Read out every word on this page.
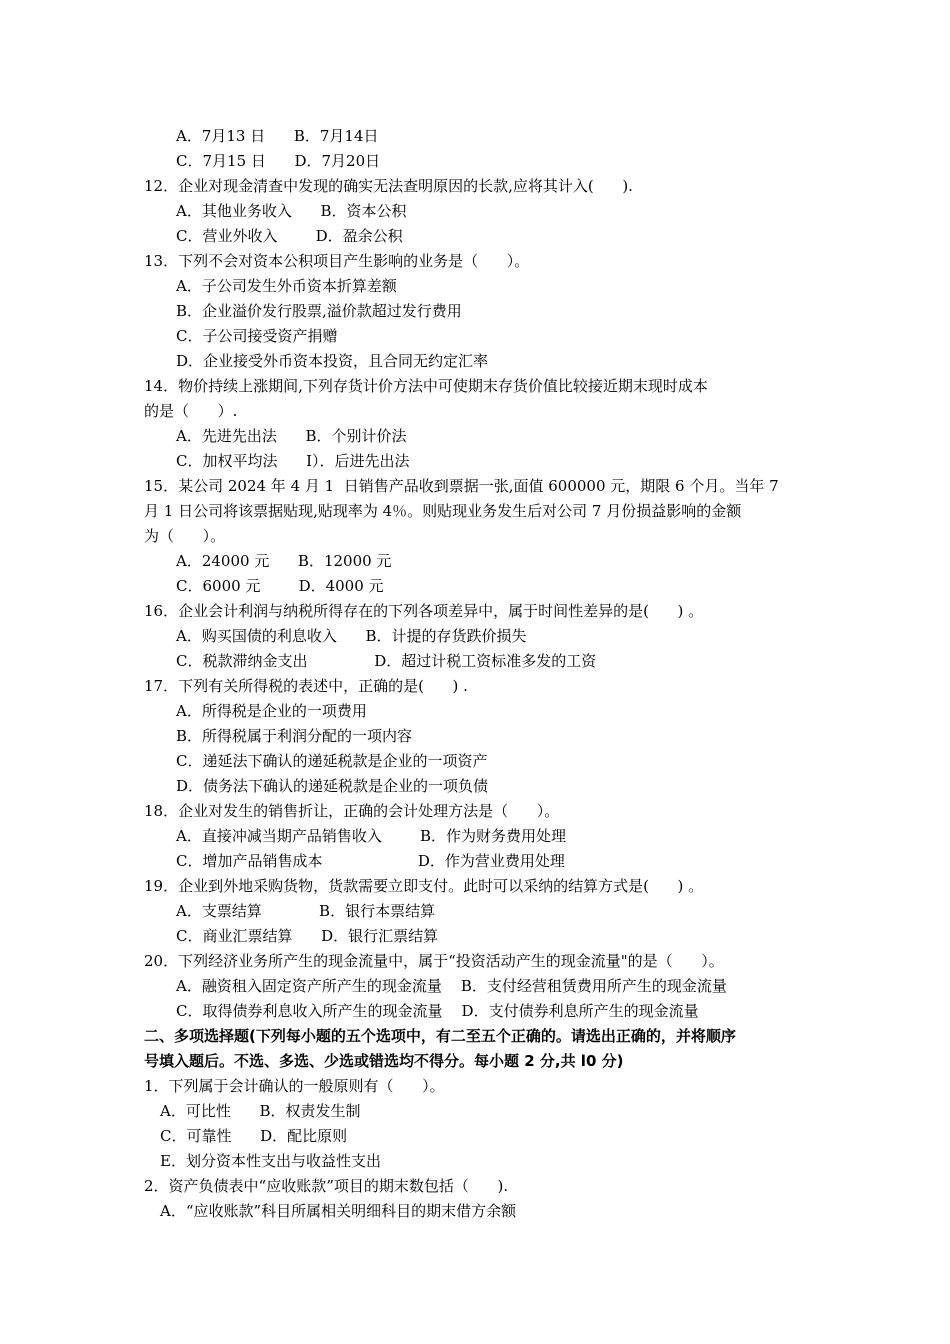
A．7月13 日      B．7月14日
C．7月15 日      D．7月20日
12．企业对现金清查中发现的确实无法查明原因的长款,应将其计入(      ).
A．其他业务收入      B．资本公积
C．营业外收入        D．盈余公积
13．下列不会对资本公积项目产生影响的业务是（      ）。
A．子公司发生外币资本折算差额
B．企业溢价发行股票,溢价款超过发行费用
C．子公司接受资产捐赠
D．企业接受外币资本投资，且合同无约定汇率
14．物价持续上涨期间,下列存货计价方法中可使期末存货价值比较接近期末现时成本
的是（      ）.
A．先进先出法      B．个别计价法
C．加权平均法      I）．后进先出法
15．某公司 2024 年 4 月 1  日销售产品收到票据一张,面值 600000 元，期限 6 个月。当年 7
月 1 日公司将该票据贴现,贴现率为 4％。则贴现业务发生后对公司 7 月份损益影响的金额
为（      ）。
A．24000 元      B．12000 元
C．6000 元        D．4000 元
16．企业会计利润与纳税所得存在的下列各项差异中，属于时间性差异的是(      ) 。
A．购买国债的利息收入      B．计提的存货跌价损失
C．税款滞纳金支出              D．超过计税工资标准多发的工资
17．下列有关所得税的表述中，正确的是(      ) .
A．所得税是企业的一项费用
B．所得税属于利润分配的一项内容
C．递延法下确认的递延税款是企业的一项资产
D．债务法下确认的递延税款是企业的一项负债
18．企业对发生的销售折让，正确的会计处理方法是（      ）。
A．直接冲减当期产品销售收入        B．作为财务费用处理
C．增加产品销售成本                    D．作为营业费用处理
19．企业到外地采购货物，货款需要立即支付。此时可以采纳的结算方式是(      ) 。
A．支票结算            B．银行本票结算
C．商业汇票结算      D．银行汇票结算
20．下列经济业务所产生的现金流量中，属于“投资活动产生的现金流量"的是（      ）。
A．融资租入固定资产所产生的现金流量    B．支付经营租赁费用所产生的现金流量
C．取得债券利息收入所产生的现金流量    D．支付债券利息所产生的现金流量
二、多项选择题(下列每小题的五个选项中，有二至五个正确的。请选出正确的，并将顺序
号填入题后。不选、多选、少选或错选均不得分。每小题 2 分,共 l0 分)
1．下列属于会计确认的一般原则有（      ）。
A．可比性      B．权责发生制
C．可靠性      D．配比原则
E．划分资本性支出与收益性支出
2．资产负债表中“应收账款”项目的期末数包括（      ).
A．“应收账款”科目所属相关明细科目的期末借方余额
